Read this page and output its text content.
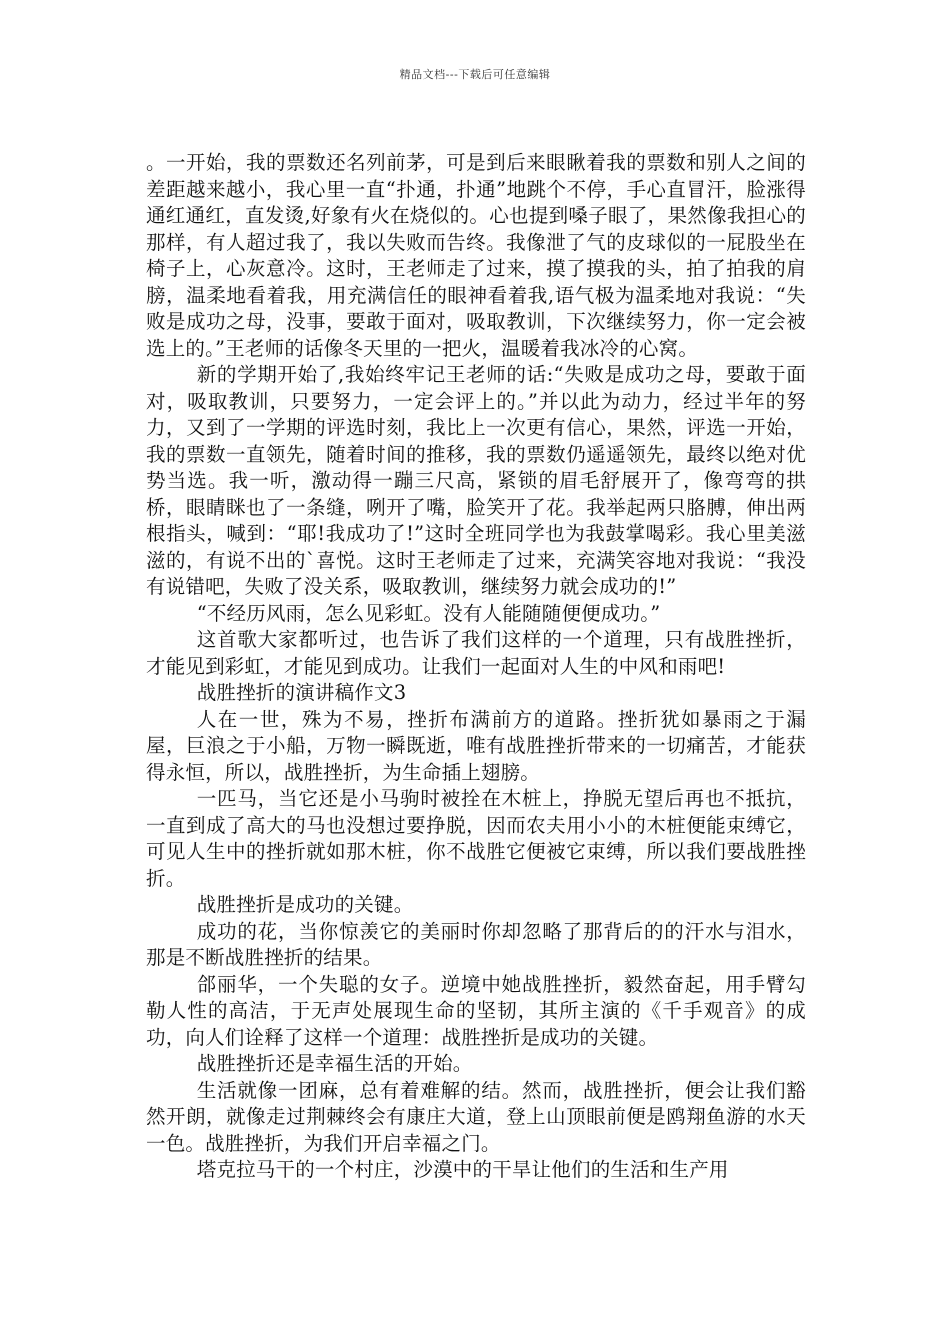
精品文档---下载后可任意编辑

。一开始，我的票数还名列前茅，可是到后来眼瞅着我的票数和别人之间的差距越来越小，我心里一直“扑通，扑通”地跳个不停，手心直冒汗，脸涨得通红通红，直发烫,好象有火在烧似的。心也提到嗓子眼了，果然像我担心的那样，有人超过我了，我以失败而告终。我像泄了气的皮球似的一屁股坐在椅子上，心灰意冷。这时，王老师走了过来，摸了摸我的头，拍了拍我的肩膀，温柔地看着我，用充满信任的眼神看着我,语气极为温柔地对我说：“失败是成功之母，没事，要敢于面对，吸取教训，下次继续努力，你一定会被选上的。”王老师的话像冬天里的一把火，温暖着我冰冷的心窝。

新的学期开始了,我始终牢记王老师的话:“失败是成功之母，要敢于面对，吸取教训，只要努力，一定会评上的。”并以此为动力，经过半年的努力，又到了一学期的评选时刻，我比上一次更有信心，果然，评选一开始，我的票数一直领先，随着时间的推移，我的票数仍遥遥领先，最终以绝对优势当选。我一听，激动得一蹦三尺高，紧锁的眉毛舒展开了，像弯弯的拱桥，眼睛眯也了一条缝，咧开了嘴，脸笑开了花。我举起两只胳膊，伸出两根指头，喊到：“耶!我成功了!”这时全班同学也为我鼓掌喝彩。我心里美滋滋的，有说不出的`喜悦。这时王老师走了过来，充满笑容地对我说：“我没有说错吧，失败了没关系，吸取教训，继续努力就会成功的!”

“不经历风雨，怎么见彩虹。没有人能随随便便成功。”

这首歌大家都听过，也告诉了我们这样的一个道理，只有战胜挫折，才能见到彩虹，才能见到成功。让我们一起面对人生的中风和雨吧!

战胜挫折的演讲稿作文3

人在一世，殊为不易，挫折布满前方的道路。挫折犹如暴雨之于漏屋，巨浪之于小船，万物一瞬既逝，唯有战胜挫折带来的一切痛苦，才能获得永恒，所以，战胜挫折，为生命插上翅膀。

一匹马，当它还是小马驹时被拴在木桩上，挣脱无望后再也不抵抗，一直到成了高大的马也没想过要挣脱，因而农夫用小小的木桩便能束缚它，可见人生中的挫折就如那木桩，你不战胜它便被它束缚，所以我们要战胜挫折。

战胜挫折是成功的关键。

成功的花，当你惊羡它的美丽时你却忽略了那背后的的汗水与泪水，那是不断战胜挫折的结果。

郃丽华，一个失聪的女子。逆境中她战胜挫折，毅然奋起，用手臂勾勒人性的高洁，于无声处展现生命的坚韧，其所主演的《千手观音》的成功，向人们诠释了这样一个道理：战胜挫折是成功的关键。

战胜挫折还是幸福生活的开始。

生活就像一团麻，总有着难解的结。然而，战胜挫折，便会让我们豁然开朗，就像走过荆棘终会有康庄大道，登上山顶眼前便是鸥翔鱼游的水天一色。战胜挫折，为我们开启幸福之门。

塔克拉马干的一个村庄，沙漠中的干旱让他们的生活和生产用
